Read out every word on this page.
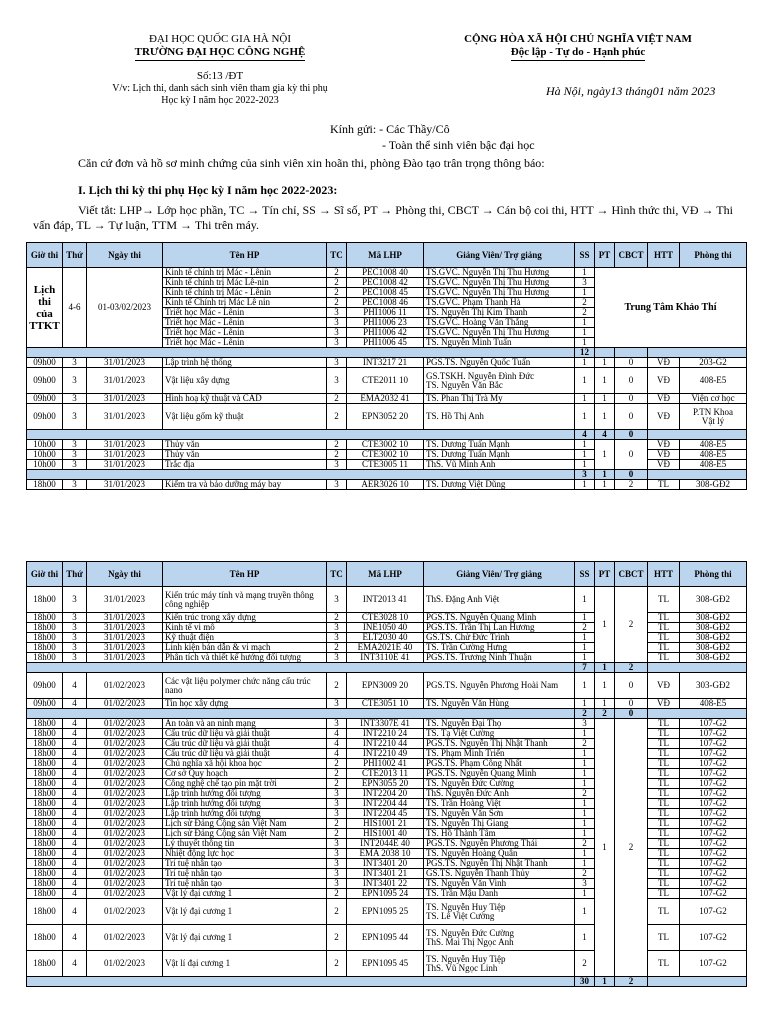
ĐẠI HỌC QUỐC GIA HÀ NỘI
TRƯỜNG ĐẠI HỌC CÔNG NGHỆ
Số:13 /ĐT
V/v: Lịch thi, danh sách sinh viên tham gia kỳ thi phụ
Học kỳ I năm học 2022-2023
CỘNG HÒA XÃ HỘI CHỦ NGHĨA VIỆT NAM
Độc lập - Tự do - Hạnh phúc
Hà Nội, ngày13 tháng01 năm 2023
Kính gửi: - Các Thầy/Cô
- Toàn thể sinh viên bậc đại học
Căn cứ đơn và hồ sơ minh chứng của sinh viên xin hoãn thi, phòng Đào tạo trân trọng thông báo:
I. Lịch thi kỳ thi phụ Học kỳ I năm học 2022-2023:
Viết tắt: LHP→ Lớp học phần, TC → Tín chỉ, SS → Sĩ số, PT → Phòng thi, CBCT → Cán bộ coi thi, HTT → Hình thức thi, VĐ → Thi
vấn đáp, TL → Tự luận, TTM → Thi trên máy.
Giờ thi	Thứ	Ngày thi	Tên HP	TC	Mã LHP	Giảng Viên/ Trợ giảng	SS	PT	CBCT	HTT	Phòng thi
Lịch thi của TTKT	4-6	01-03/02/2023	Kinh tế chính trị Mác - Lênin	2	PEC1008 40	TS.GVC. Nguyễn Thị Thu Hương	1	Trung Tâm Khảo Thí			
			Kinh tế chính trị Mác Lê-nin	2	PEC1008 42	TS.GVC. Nguyễn Thị Thu Hương	3				
			Kinh tế chính trị Mác - Lênin	2	PEC1008 45	TS.GVC. Nguyễn Thị Thu Hương	1				
			Kinh tế Chính trị Mác Lê nin	2	PEC1008 46	TS.GVC. Phạm Thanh Hà	2				
			Triết học Mác - Lênin	3	PHI1006 11	TS. Nguyễn Thị Kim Thanh	2				
			Triết học Mác - Lênin	3	PHI1006 23	TS.GVC. Hoàng Văn Thắng	1				
			Triết học Mác - Lênin	3	PHI1006 42	TS.GVC. Nguyễn Thị Thu Hương	1				
			Triết học Mác - Lênin	3	PHI1006 45	TS. Nguyễn Minh Tuấn	1				
							12				
09h00	3	31/01/2023	Lập trình hệ thống	3	INT3217 21	PGS.TS. Nguyễn Quốc Tuấn	1	1	0	VĐ	203-G2
09h00	3	31/01/2023	Vật liệu xây dựng	3	CTE2011 10	GS.TSKH. Nguyễn Đình Đức
TS. Nguyễn Văn Bắc	1	1	0	VĐ	408-E5
09h00	3	31/01/2023	Hình hoạ kỹ thuật và CAD	2	EMA2032 41	TS. Phan Thị Trà My	1	1	0	VĐ	Viện cơ học
09h00	3	31/01/2023	Vật liệu gốm kỹ thuật	2	EPN3052 20	TS. Hồ Thị Anh	1	1	0	VĐ	P.TN Khoa
Vật lý
							4	4	0		
10h00	3	31/01/2023	Thủy văn	2	CTE3002 10	TS. Dương Tuấn Mạnh	1	1	0	VĐ	408-E5
10h00	3	31/01/2023	Thủy văn	2	CTE3002 10	TS. Dương Tuấn Mạnh	1			VĐ	408-E5
10h00	3	31/01/2023	Trắc địa	3	CTE3005 11	ThS. Vũ Minh Anh	1			VĐ	408-E5
							3	1	0		
18h00	3	31/01/2023	Kiểm tra và bảo dưỡng máy bay	3	AER3026 10	TS. Dương Việt Dũng	1	1	2	TL	308-GĐ2
Giờ thi	Thứ	Ngày thi	Tên HP	TC	Mã LHP	Giảng Viên/ Trợ giảng	SS	PT	CBCT	HTT	Phòng thi
18h00	3	31/01/2023	Kiến trúc máy tính và mạng truyền thông công nghiệp	3	INT2013 41	ThS. Đặng Anh Việt	1	1	2	TL	308-GĐ2
18h00	3	31/01/2023	Kiến trúc trong xây dựng	2	CTE3028 10	PGS.TS. Nguyễn Quang Minh	1			TL	308-GĐ2
18h00	3	31/01/2023	Kinh tế vi mô	3	INE1050 40	PGS.TS. Trần Thị Lan Hương	2			TL	308-GĐ2
18h00	3	31/01/2023	Kỹ thuật điện	3	ELT2030 40	GS.TS. Chử Đức Trình	1			TL	308-GĐ2
18h00	3	31/01/2023	Linh kiện bán dẫn & vi mạch	2	EMA2021E 40	TS. Trần Cường Hưng	1			TL	308-GĐ2
18h00	3	31/01/2023	Phân tích và thiết kế hướng đối tượng	3	INT3110E 41	PGS.TS. Trương Ninh Thuận	1			TL	308-GĐ2
							7	1	2		
09h00	4	01/02/2023	Các vật liệu polymer chức năng cấu trúc nano	2	EPN3009 20	PGS.TS. Nguyễn Phương Hoài Nam	1	1	0	VĐ	303-GĐ2
09h00	4	01/02/2023	Tin học xây dựng	3	CTE3051 10	TS. Nguyễn Văn Hùng	1	1	0	VĐ	408-E5
							2	2	0		
18h00	4	01/02/2023	An toàn và an ninh mạng	3	INT3307E 41	TS. Nguyễn Đại Thọ	3	1	2	TL	107-G2
18h00	4	01/02/2023	Cấu trúc dữ liệu và giải thuật	4	INT2210 24	TS. Tạ Việt Cường	1			TL	107-G2
18h00	4	01/02/2023	Cấu trúc dữ liệu và giải thuật	4	INT2210 44	PGS.TS. Nguyễn Thị Nhật Thanh	2			TL	107-G2
18h00	4	01/02/2023	Cấu trúc dữ liệu và giải thuật	4	INT2210 49	TS. Phạm Minh Triển	1			TL	107-G2
18h00	4	01/02/2023	Chủ nghĩa xã hội khoa học	2	PHI1002 41	PGS.TS. Phạm Công Nhất	1			TL	107-G2
18h00	4	01/02/2023	Cơ sở Quy hoạch	2	CTE2013 11	PGS.TS. Nguyễn Quang Minh	1			TL	107-G2
18h00	4	01/02/2023	Công nghệ chế tạo pin mặt trời	2	EPN3055 20	TS. Nguyễn Đức Cường	1			TL	107-G2
18h00	4	01/02/2023	Lập trình hướng đối tượng	3	INT2204 20	ThS. Nguyễn Đức Anh	2			TL	107-G2
18h00	4	01/02/2023	Lập trình hướng đối tượng	3	INT2204 44	TS. Trần Hoàng Việt	1			TL	107-G2
18h00	4	01/02/2023	Lập trình hướng đối tượng	3	INT2204 45	TS. Nguyễn Văn Sơn	1			TL	107-G2
18h00	4	01/02/2023	Lịch sử Đảng Cộng sản Việt Nam	2	HIS1001 21	TS. Nguyễn Thị Giang	1			TL	107-G2
18h00	4	01/02/2023	Lịch sử Đảng Cộng sản Việt Nam	2	HIS1001 40	TS. Hồ Thành Tâm	1			TL	107-G2
18h00	4	01/02/2023	Lý thuyết thông tin	3	INT2044E 40	PGS.TS. Nguyễn Phương Thái	2			TL	107-G2
18h00	4	01/02/2023	Nhiệt động lực học	3	EMA 2038 10	TS. Nguyễn Hoàng Quân	1			TL	107-G2
18h00	4	01/02/2023	Trí tuệ nhân tạo	3	INT3401 20	PGS.TS. Nguyễn Thị Nhật Thanh	1			TL	107-G2
18h00	4	01/02/2023	Trí tuệ nhân tạo	3	INT3401 21	GS.TS. Nguyễn Thanh Thủy	2			TL	107-G2
18h00	4	01/02/2023	Trí tuệ nhân tạo	3	INT3401 22	TS. Nguyễn Văn Vinh	3			TL	107-G2
18h00	4	01/02/2023	Vật lý đại cương 1	2	EPN1095 24	TS. Trần Mậu Danh	1			TL	107-G2
18h00	4	01/02/2023	Vật lý đại cương 1	2	EPN1095 25	TS. Nguyễn Huy Tiệp
TS. Lê Việt Cường	1			TL	107-G2
18h00	4	01/02/2023	Vật lý đại cương 1	2	EPN1095 44	TS. Nguyễn Đức Cường
ThS. Mai Thị Ngọc Anh	1			TL	107-G2
18h00	4	01/02/2023	Vật lí đại cương 1	2	EPN1095 45	TS. Nguyễn Huy Tiệp
ThS. Vũ Ngọc Linh	2			TL	107-G2
							30	1	2		
